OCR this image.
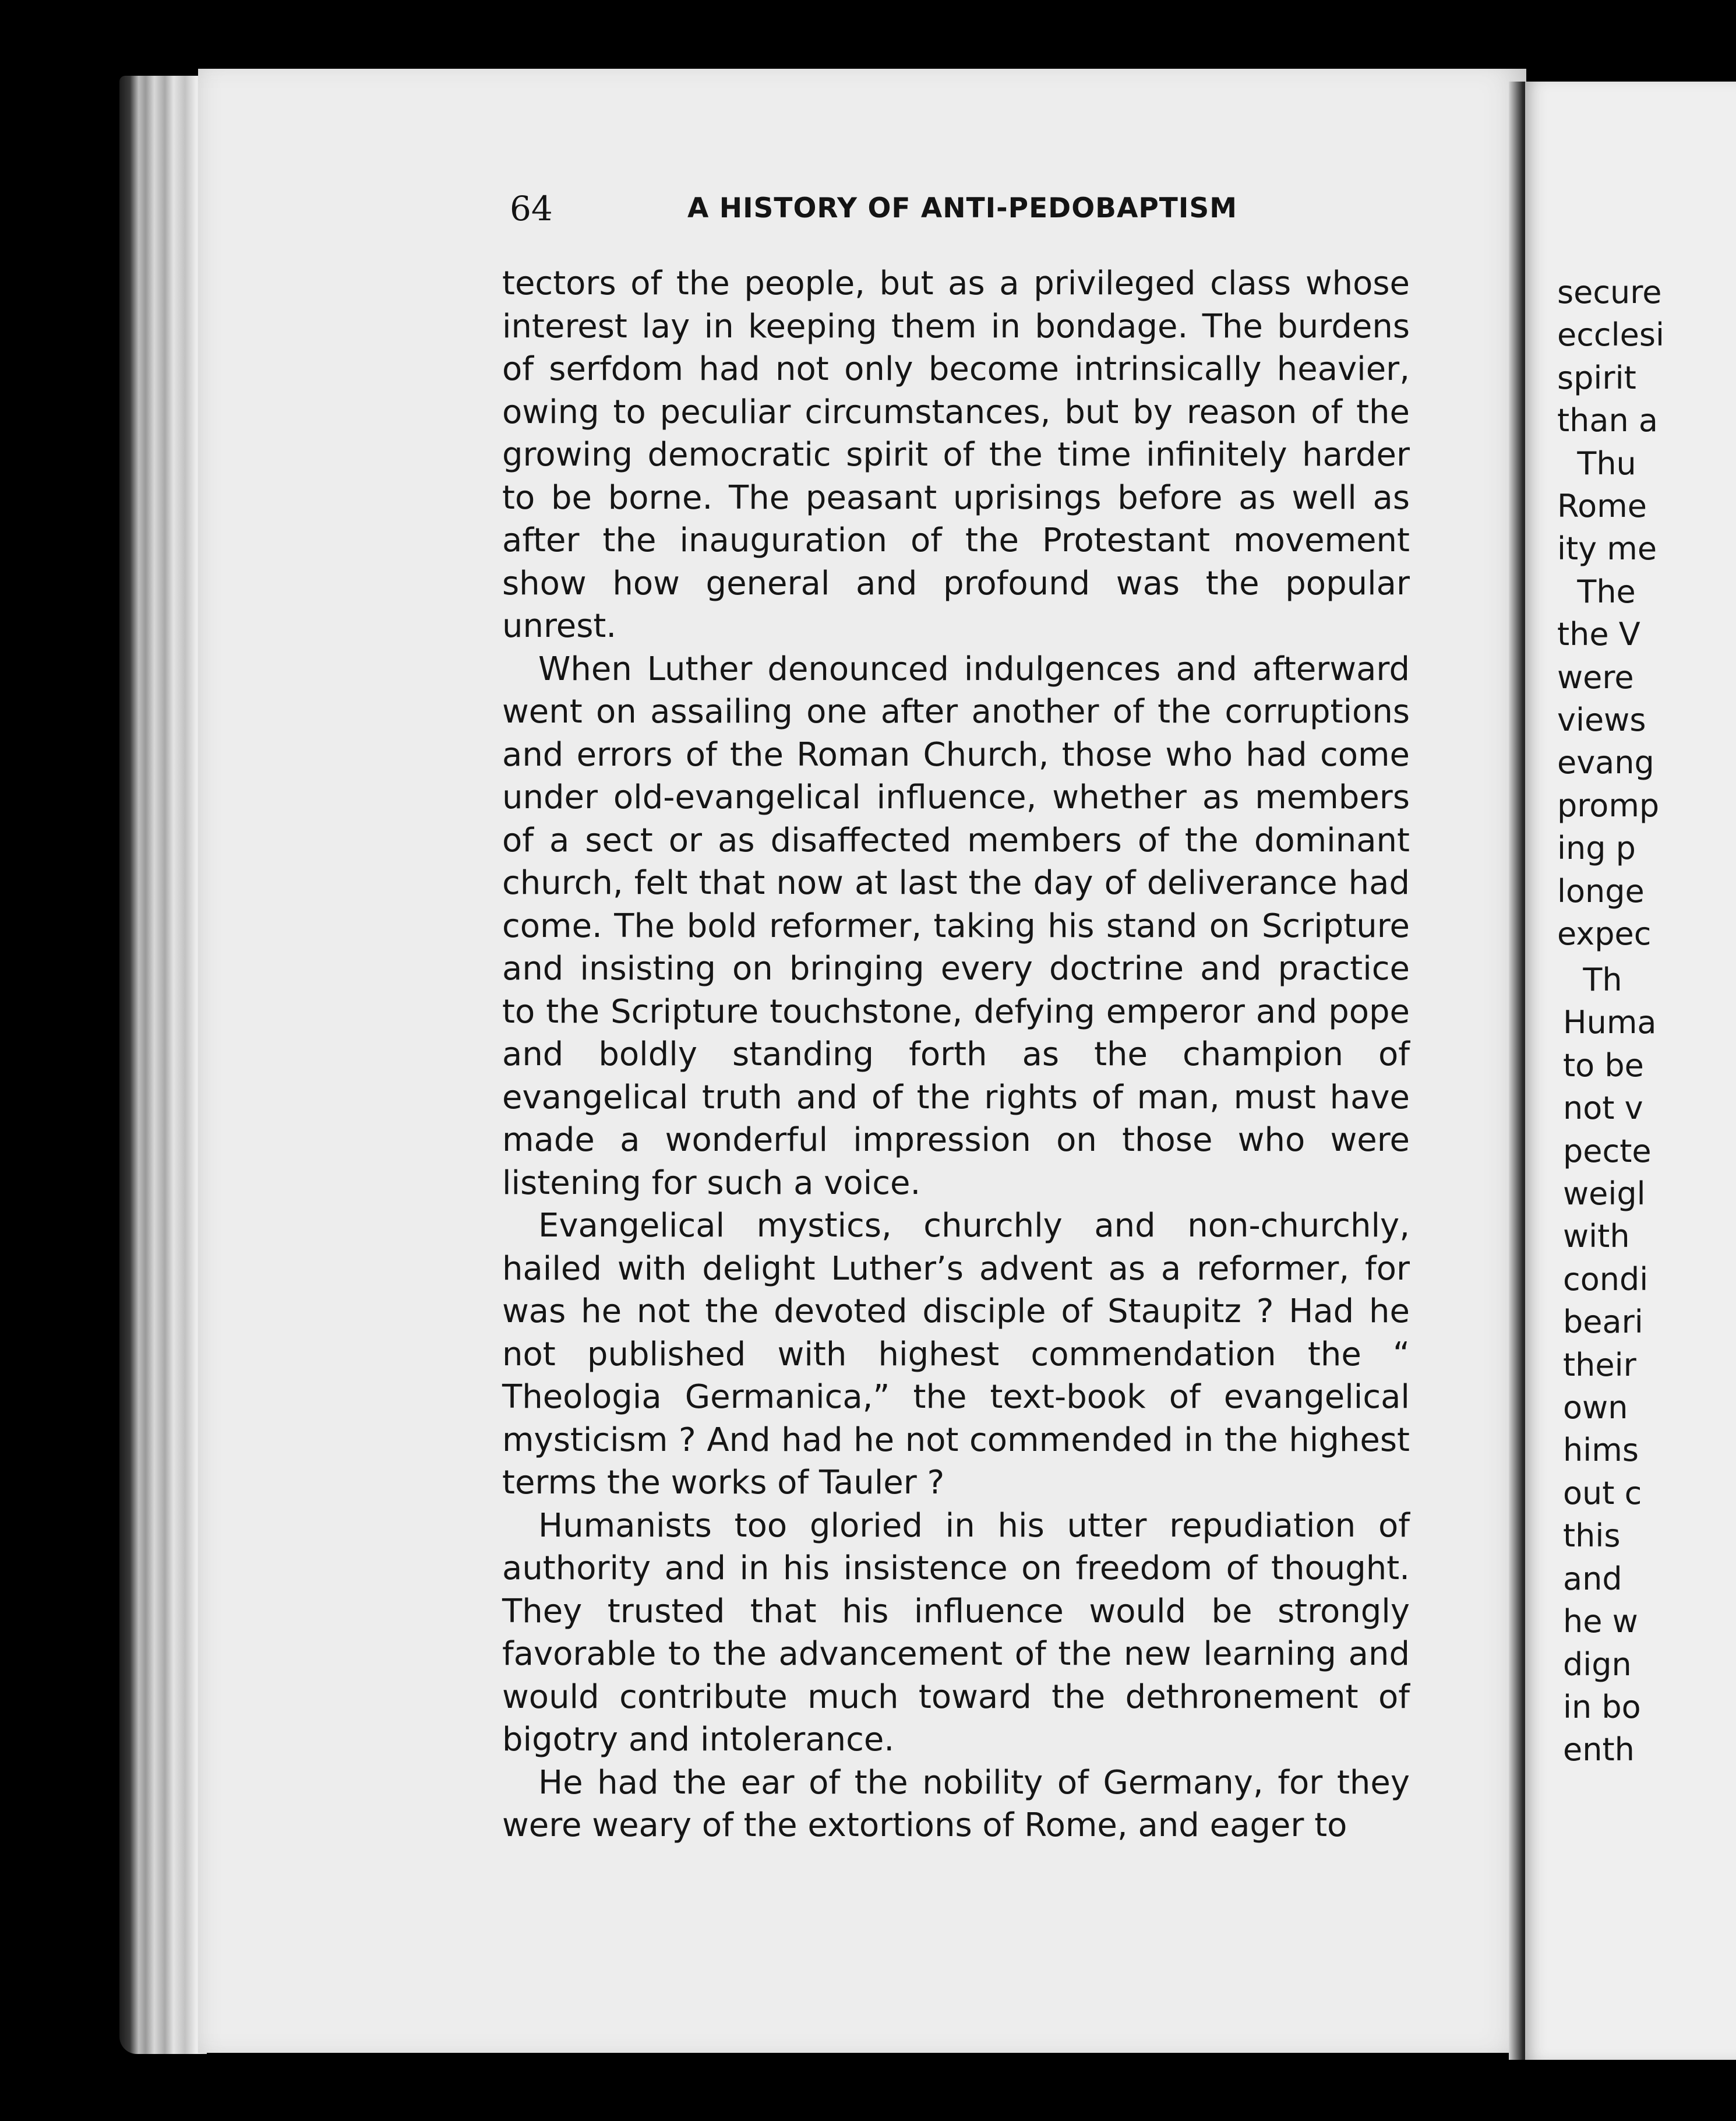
secure
ecclesi
spirit
than a
Thu
Rome
ity me
The
the V
were
views
evang
promp
ing p
longe
expec
Th
Huma
to be
not v
pecte
weigl
with
condi
beari
their
own
hims
out c
this
and
he w
dign
in bo
enth
64	A HISTORY OF ANTI-PEDOBAPTISM

tectors of the people, but as a privileged class whose interest lay in keeping them in bondage. The burdens of serfdom had not only become intrinsically heavier, owing to peculiar circumstances, but by reason of the growing democratic spirit of the time infinitely harder to be borne. The peasant uprisings before as well as after the inauguration of the Protestant movement show how general and profound was the popular unrest.

When Luther denounced indulgences and afterward went on assailing one after another of the corruptions and errors of the Roman Church, those who had come under old-evangelical influence, whether as members of a sect or as disaffected members of the dominant church, felt that now at last the day of deliverance had come. The bold reformer, taking his stand on Scripture and insisting on bringing every doctrine and practice to the Scripture touchstone, defying emperor and pope and boldly standing forth as the champion of evangelical truth and of the rights of man, must have made a wonderful impression on those who were listening for such a voice.

Evangelical mystics, churchly and non-churchly, hailed with delight Luther’s advent as a reformer, for was he not the devoted disciple of Staupitz ? Had he not published with highest commendation the “ Theologia Germanica,” the text-book of evangelical mysticism ? And had he not commended in the highest terms the works of Tauler ?

Humanists too gloried in his utter repudiation of authority and in his insistence on freedom of thought. They trusted that his influence would be strongly favorable to the advancement of the new learning and would contribute much toward the dethronement of bigotry and intolerance.

He had the ear of the nobility of Germany, for they were weary of the extortions of Rome, and eager to
